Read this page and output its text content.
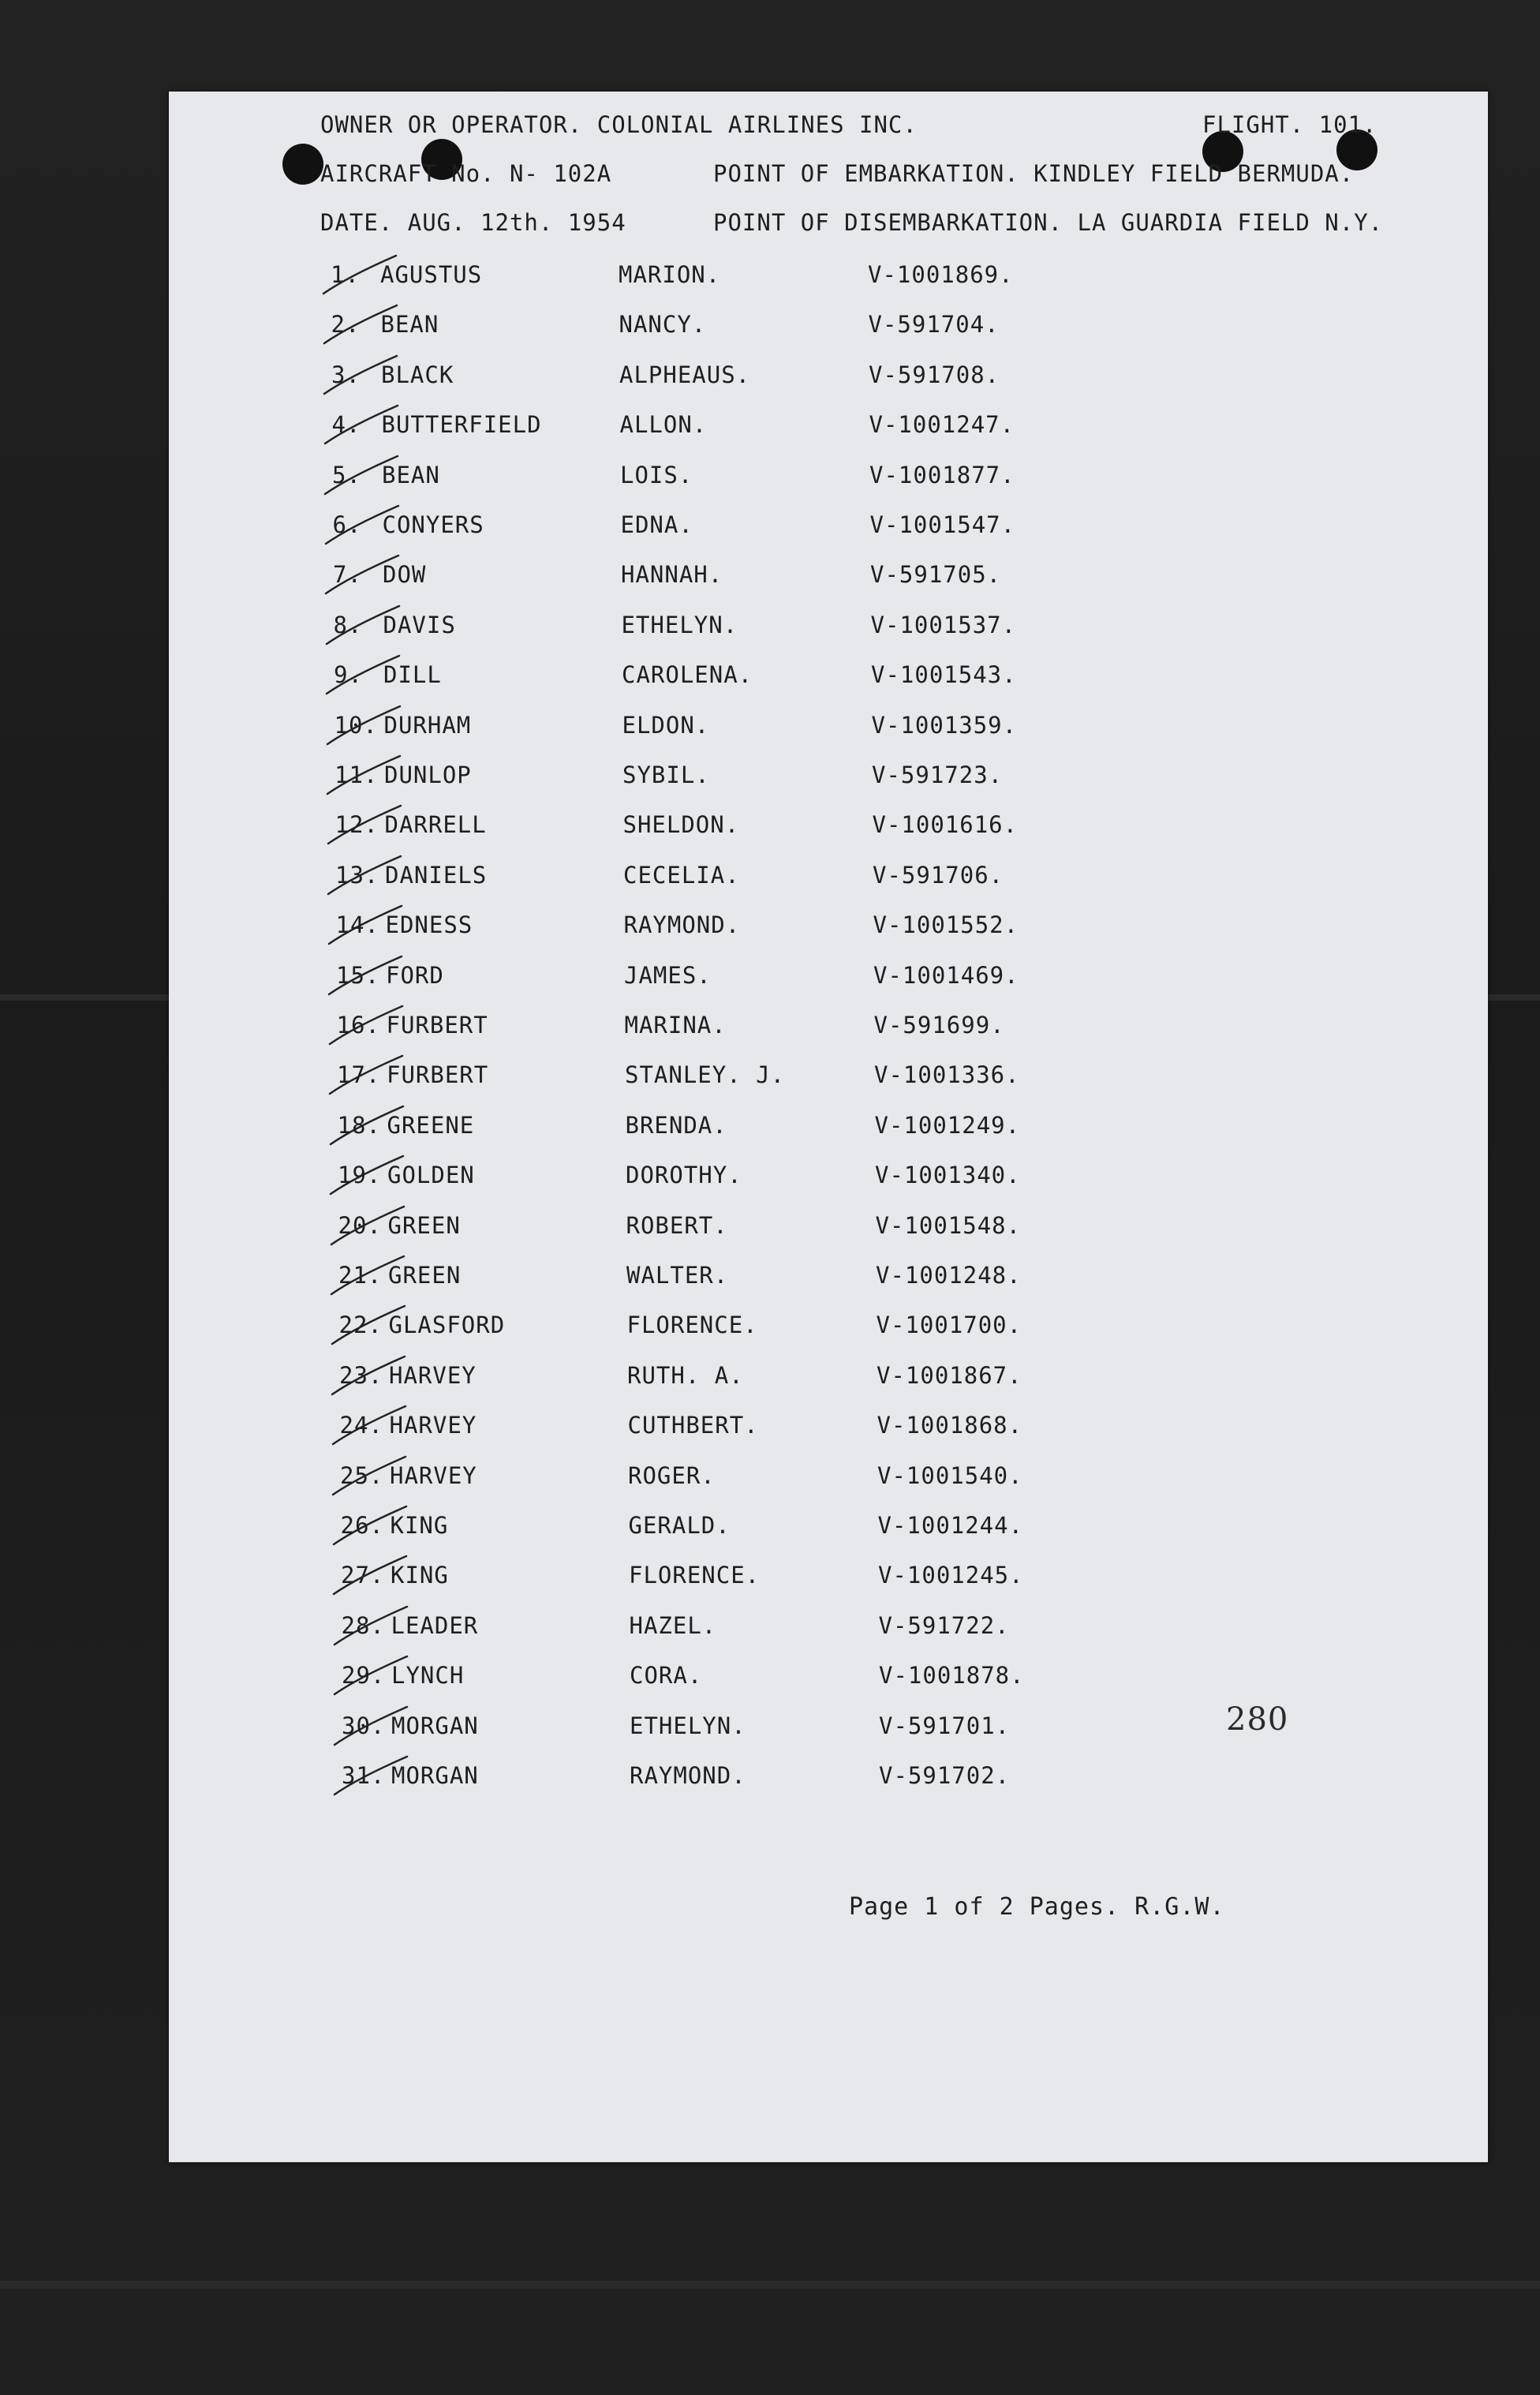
OWNER OR OPERATOR. COLONIAL AIRLINES INC.	FLIGHT. 101.
AIRCRAFT No. N- 102A	POINT OF EMBARKATION. KINDLEY FIELD BERMUDA.
DATE. AUG. 12th. 1954	POINT OF DISEMBARKATION. LA GUARDIA FIELD N.Y.
1. AGUSTUS	MARION.	V-1001869.
2. BEAN	NANCY.	V-591704.
3. BLACK	ALPHEAUS.	V-591708.
4. BUTTERFIELD	ALLON.	V-1001247.
5. BEAN	LOIS.	V-1001877.
6. CONYERS	EDNA.	V-1001547.
7. DOW	HANNAH.	V-591705.
8. DAVIS	ETHELYN.	V-1001537.
9. DILL	CAROLENA.	V-1001543.
10. DURHAM	ELDON.	V-1001359.
11. DUNLOP	SYBIL.	V-591723.
12. DARRELL	SHELDON.	V-1001616.
13. DANIELS	CECELIA.	V-591706.
14. EDNESS	RAYMOND.	V-1001552.
15. FORD	JAMES.	V-1001469.
16. FURBERT	MARINA.	V-591699.
17. FURBERT	STANLEY. J.	V-1001336.
18. GREENE	BRENDA.	V-1001249.
19. GOLDEN	DOROTHY.	V-1001340.
20. GREEN	ROBERT.	V-1001548.
21. GREEN	WALTER.	V-1001248.
22. GLASFORD	FLORENCE.	V-1001700.
23. HARVEY	RUTH. A.	V-1001867.
24. HARVEY	CUTHBERT.	V-1001868.
25. HARVEY	ROGER.	V-1001540.
26. KING	GERALD.	V-1001244.
27. KING	FLORENCE.	V-1001245.
28. LEADER	HAZEL.	V-591722.
29. LYNCH	CORA.	V-1001878.
30. MORGAN	ETHELYN.	V-591701.
31. MORGAN	RAYMOND.	V-591702.
280
Page 1 of 2 Pages. R.G.W.
